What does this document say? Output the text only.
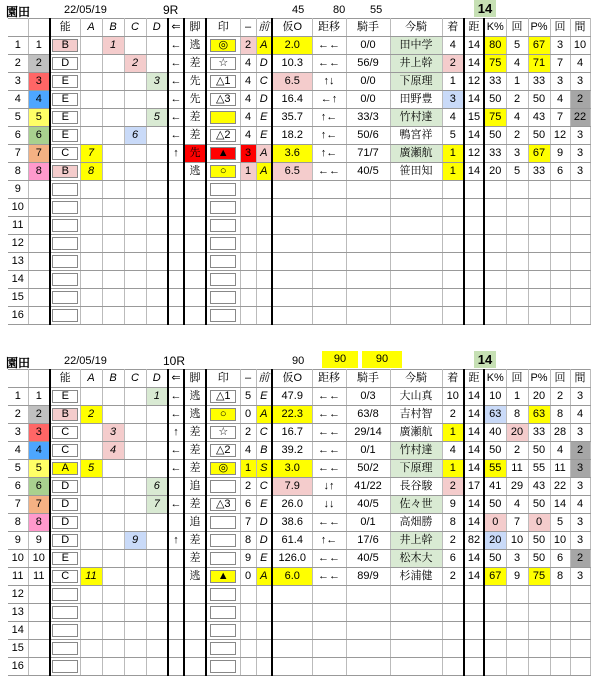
園田	22/05/19	9R	45	80 55	14
		能	A	B	C	D	⇐	脚	印	–	前	仮O	距移	騎手	今騎	着	距	K%	回	P%	回	間
1	1	B		1			←	逃	◎	2	A	2.0	←←	0/0	田中学	4	14	80	5	67	3	10
2	2	D			2		←	差	☆	4	D	10.3	←←	56/9	井上幹	2	14	75	4	71	7	4
3	3	E				3	←	先	△1	4	C	6.5	↑↓	0/0	下原理	1	12	33	1	33	3	3
4	4	E					←	先	△3	4	D	16.4	←↑	0/0	田野豊	3	14	50	2	50	4	2
5	5	E				5	←	差		4	E	35.7	↑←	33/3	竹村達	4	15	75	4	43	7	22
6	6	E			6		←	差	△2	4	E	18.2	↑←	50/6	鴨宮祥	5	14	50	2	50	12	3
7	7	C	7				↑	先	▲	3	A	3.6	↑←	71/7	廣瀬航	1	12	33	3	67	9	3
8	8	B	8					逃	○	1	A	6.5	←←	40/5	笹田知	1	14	20	5	33	6	3
9																						
10																						
11																						
12																						
13																						
14																						
15																						
16																						
園田	22/05/19	10R	90	90	90	14
		能	A	B	C	D	⇐	脚	印	–	前	仮O	距移	騎手	今騎	着	距	K%	回	P%	回	間
1	1	E				1	←	逃	△1	5	E	47.9	←←	0/3	大山真	10	14	10	1	20	2	3
2	2	B	2				←	逃	○	0	A	22.3	←←	63/8	吉村智	2	14	63	8	63	8	4
3	3	C		3			↑	差	☆	2	C	16.7	←←	29/14	廣瀬航	1	14	40	20	33	28	3
4	4	C		4			←	差	△2	4	B	39.2	←←	0/1	竹村達	4	14	50	2	50	4	2
5	5	A	5				←	差	◎	1	S	3.0	←←	50/2	下原理	1	14	55	11	55	11	3
6	6	D				6		追		2	C	7.9	↓↑	41/22	長谷駿	2	17	41	29	43	22	3
7	7	D				7	←	差	△3	6	E	26.0	↓↓	40/5	佐々世	9	14	50	4	50	14	4
8	8	D						追		7	D	38.6	←←	0/1	高畑勝	8	14	0	7	0	5	3
9	9	D			9		↑	差		8	D	61.4	↑←	17/6	井上幹	2	82	20	10	50	10	3
10	10	E						差		9	E	126.0	←←	40/5	松木大	6	14	50	3	50	6	2
11	11	C	11					逃	▲	0	A	6.0	←←	89/9	杉浦健	2	14	67	9	75	8	3
12																						
13																						
14																						
15																						
16																						
